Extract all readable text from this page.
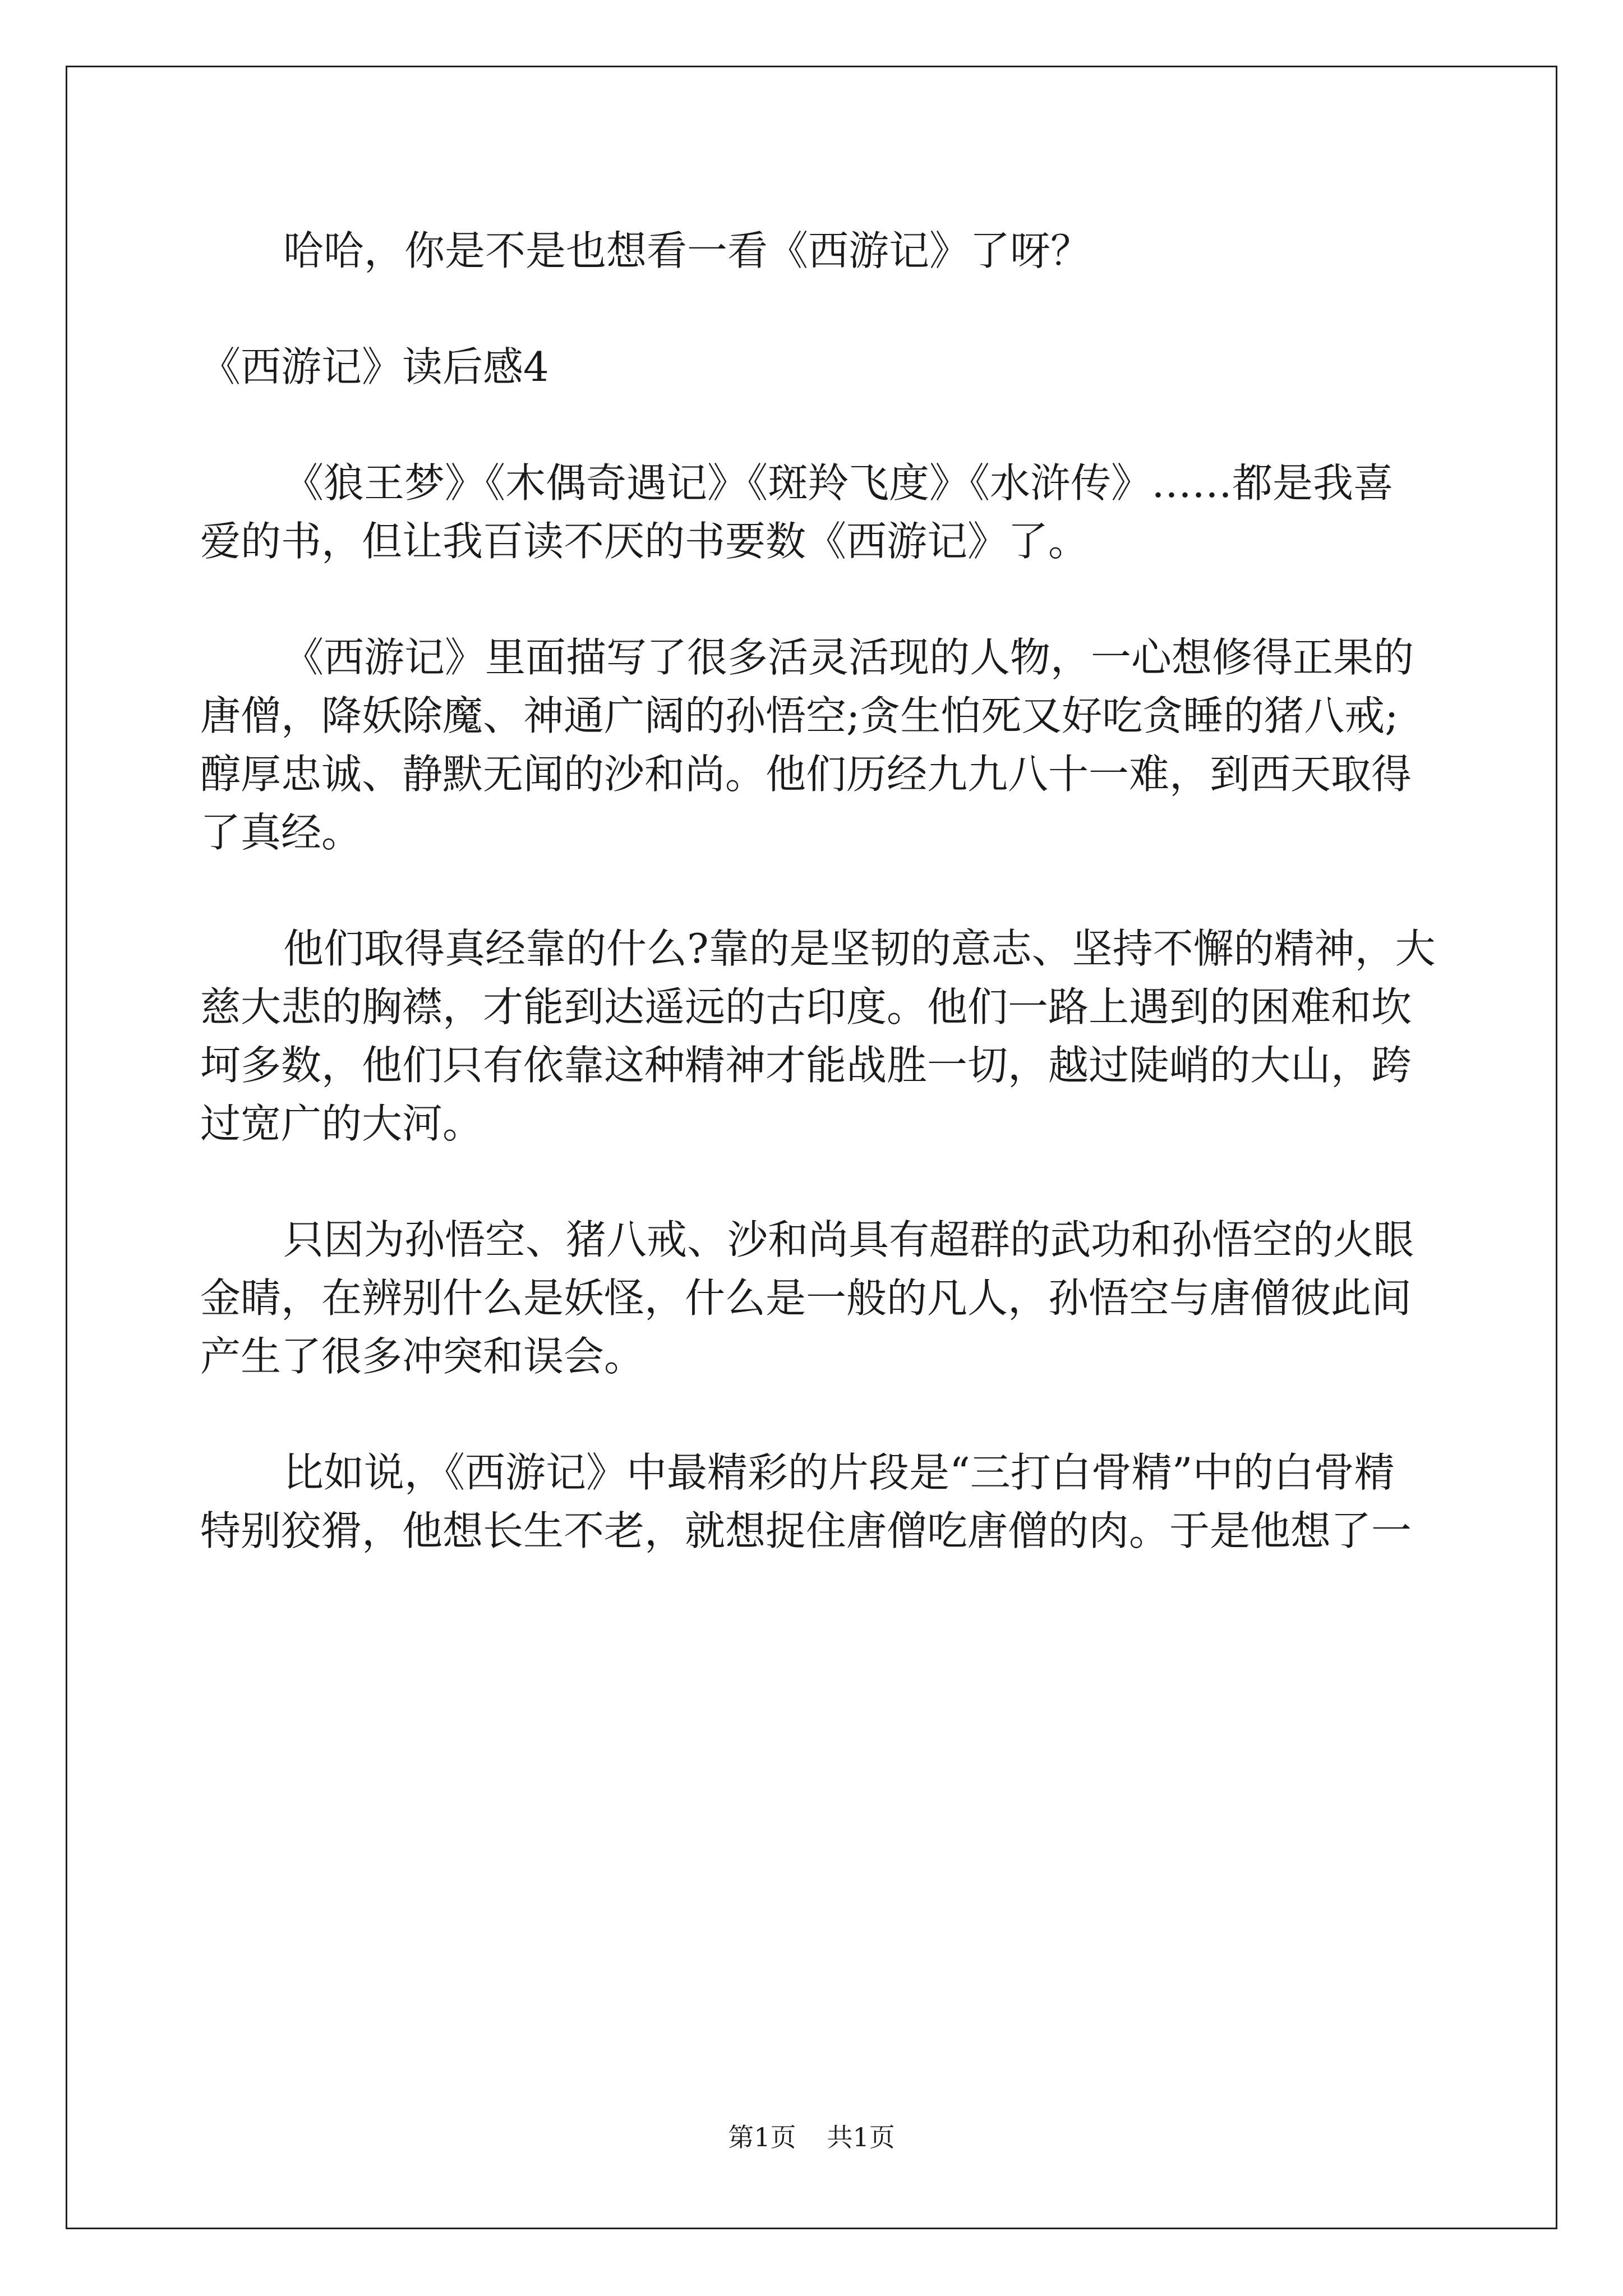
哈哈，你是不是也想看一看《西游记》了呀？
《西游记》读后感4
《狼王梦》《木偶奇遇记》《斑羚飞度》《水浒传》……都是我喜
爱的书，但让我百读不厌的书要数《西游记》了。
《西游记》里面描写了很多活灵活现的人物，一心想修得正果的
唐僧，降妖除魔、神通广阔的孙悟空;贪生怕死又好吃贪睡的猪八戒;
醇厚忠诚、静默无闻的沙和尚。他们历经九九八十一难，到西天取得
了真经。
他们取得真经靠的什么?靠的是坚韧的意志、坚持不懈的精神，大
慈大悲的胸襟，才能到达遥远的古印度。他们一路上遇到的困难和坎
坷多数，他们只有依靠这种精神才能战胜一切，越过陡峭的大山，跨
过宽广的大河。
只因为孙悟空、猪八戒、沙和尚具有超群的武功和孙悟空的火眼
金睛，在辨别什么是妖怪，什么是一般的凡人，孙悟空与唐僧彼此间
产生了很多冲突和误会。
比如说，《西游记》中最精彩的片段是“三打白骨精”中的白骨精
特别狡猾，他想长生不老，就想捉住唐僧吃唐僧的肉。于是他想了一
第1页 共1页
